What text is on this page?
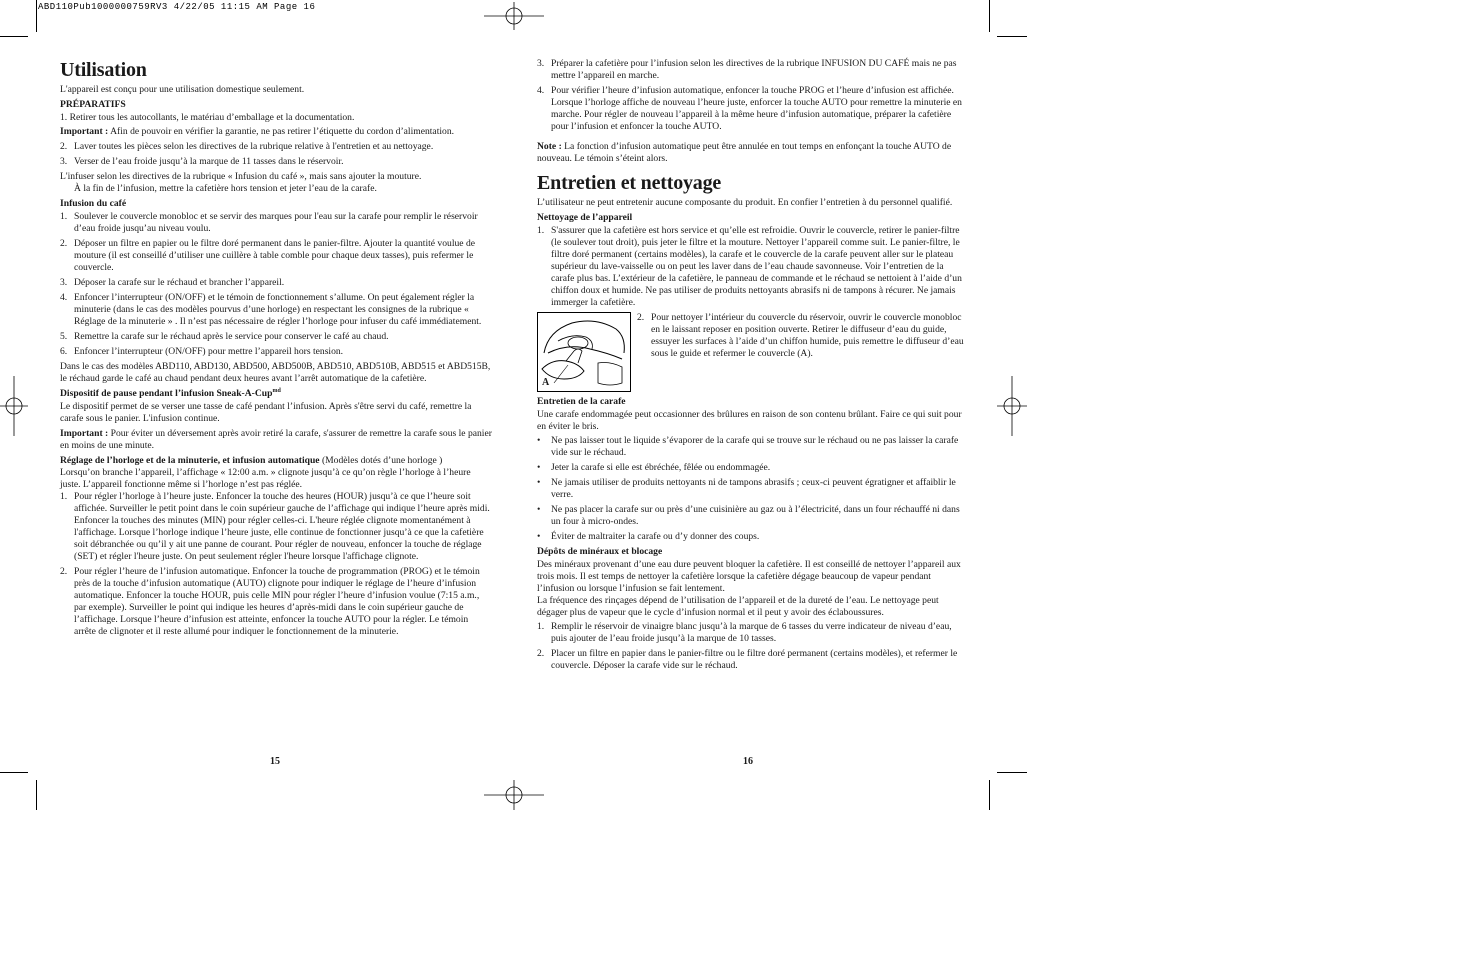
ABD110Pub1000000759RV3 4/22/05 11:15 AM Page 16
Utilisation

L'appareil est conçu pour une utilisation domestique seulement.

PRÉPARATIFS

1. Retirer tous les autocollants, le matériau d’emballage et la documentation.

Important : Afin de pouvoir en vérifier la garantie, ne pas retirer l’étiquette du cordon d’alimentation.

2. Laver toutes les pièces selon les directives de la rubrique relative à l'entretien et au nettoyage.
3. Verser de l’eau froide jusqu’à la marque de 11 tasses dans le réservoir.

L'infuser selon les directives de la rubrique « Infusion du café », mais sans ajouter la mouture.
À la fin de l’infusion, mettre la cafetière hors tension et jeter l’eau de la carafe.

Infusion du café
1. Soulever le couvercle monobloc et se servir des marques pour l'eau sur la carafe pour remplir le réservoir d’eau froide jusqu’au niveau voulu.
2. Déposer un filtre en papier ou le filtre doré permanent dans le panier-filtre. Ajouter la quantité voulue de mouture (il est conseillé d’utiliser une cuillère à table comble pour chaque deux tasses), puis refermer le couvercle.
3. Déposer la carafe sur le réchaud et brancher l’appareil.
4. Enfoncer l’interrupteur (ON/OFF) et le témoin de fonctionnement s’allume. On peut également régler la minuterie (dans le cas des modèles pourvus d’une horloge) en respectant les consignes de la rubrique « Réglage de la minuterie » . Il n’est pas nécessaire de régler l’horloge pour infuser du café immédiatement.
5. Remettre la carafe sur le réchaud après le service pour conserver le café au chaud.
6. Enfoncer l’interrupteur (ON/OFF) pour mettre l’appareil hors tension.

Dans le cas des modèles ABD110, ABD130, ABD500, ABD500B, ABD510, ABD510B, ABD515 et ABD515B, le réchaud garde le café au chaud pendant deux heures avant l’arrêt automatique de la cafetière.

Dispositif de pause pendant l’infusion Sneak-A-Cup$^{md}$

Le dispositif permet de se verser une tasse de café pendant l’infusion. Après s'être servi du café, remettre la carafe sous le panier. L'infusion continue.

Important : Pour éviter un déversement après avoir retiré la carafe, s'assurer de remettre la carafe sous le panier en moins de une minute.

Réglage de l’horloge et de la minuterie, et infusion automatique (Modèles dotés d’une horloge )

Lorsqu’on branche l’appareil, l’affichage « 12:00 a.m. » clignote jusqu’à ce qu’on règle l’horloge à l’heure juste. L’appareil fonctionne même si l’horloge n’est pas réglée.

1. Pour régler l’horloge à l’heure juste. Enfoncer la touche des heures (HOUR) jusqu’à ce que l’heure soit affichée. Surveiller le petit point dans le coin supérieur gauche de l’affichage qui indique l’heure après midi. Enfoncer la touches des minutes (MIN) pour régler celles-ci. L'heure réglée clignote momentanément à l'affichage. Lorsque l’horloge indique l’heure juste, elle continue de fonctionner jusqu’à ce que la cafetière soit débranchée ou qu’il y ait une panne de courant. Pour régler de nouveau, enfoncer la touche de réglage (SET) et régler l'heure juste. On peut seulement régler l'heure lorsque l'affichage clignote.
2. Pour régler l’heure de l’infusion automatique. Enfoncer la touche de programmation (PROG) et le témoin près de la touche d’infusion automatique (AUTO) clignote pour indiquer le réglage de l’heure d’infusion automatique. Enfoncer la touche HOUR, puis celle MIN pour régler l’heure d’infusion voulue (7:15 a.m., par exemple). Surveiller le point qui indique les heures d’après-midi dans le coin supérieur gauche de l’affichage. Lorsque l’heure d’infusion est atteinte, enfoncer la touche AUTO pour la régler. Le témoin arrête de clignoter et il reste allumé pour indiquer le fonctionnement de la minuterie.
15
3. Préparer la cafetière pour l’infusion selon les directives de la rubrique INFUSION DU CAFÉ mais ne pas mettre l’appareil en marche.
4. Pour vérifier l’heure d’infusion automatique, enfoncer la touche PROG et l’heure d’infusion est affichée. Lorsque l’horloge affiche de nouveau l’heure juste, enforcer la touche AUTO pour remettre la minuterie en marche. Pour régler de nouveau l’appareil à la même heure d’infusion automatique, préparer la cafetière pour l’infusion et enfoncer la touche AUTO.

Note : La fonction d’infusion automatique peut être annulée en tout temps en enfonçant la touche AUTO de nouveau. Le témoin s’éteint alors.

Entretien et nettoyage

L’utilisateur ne peut entretenir aucune composante du produit. En confier l’entretien à du personnel qualifié.

Nettoyage de l’appareil
1. S'assurer que la cafetière est hors service et qu’elle est refroidie. Ouvrir le couvercle, retirer le panier-filtre (le soulever tout droit), puis jeter le filtre et la mouture. Nettoyer l’appareil comme suit. Le panier-filtre, le filtre doré permanent (certains modèles), la carafe et le couvercle de la carafe peuvent aller sur le plateau supérieur du lave-vaisselle ou on peut les laver dans de l’eau chaude savonneuse. Voir l’entretien de la carafe plus bas. L’extérieur de la cafetière, le panneau de commande et le réchaud se nettoient à l’aide d’un chiffon doux et humide. Ne pas utiliser de produits nettoyants abrasifs ni de tampons à récurer. Ne jamais immerger la cafetière.
A
2. Pour nettoyer l’intérieur du couvercle du réservoir, ouvrir le couvercle monobloc en le laissant reposer en position ouverte. Retirer le diffuseur d’eau du guide, essuyer les surfaces à l’aide d’un chiffon humide, puis remettre le diffuseur d’eau sous le guide et refermer le couvercle (A).
Entretien de la carafe

Une carafe endommagée peut occasionner des brûlures en raison de son contenu brûlant. Faire ce qui suit pour en éviter le bris.

• Ne pas laisser tout le liquide s’évaporer de la carafe qui se trouve sur le réchaud ou ne pas laisser la carafe vide sur le réchaud.
• Jeter la carafe si elle est ébréchée, fêlée ou endommagée.
• Ne jamais utiliser de produits nettoyants ni de tampons abrasifs ; ceux-ci peuvent égratigner et affaiblir le verre.
• Ne pas placer la carafe sur ou près d’une cuisinière au gaz ou à l’électricité, dans un four réchauffé ni dans un four à micro-ondes.
• Éviter de maltraiter la carafe ou d’y donner des coups.
Dépôts de minéraux et blocage

Des minéraux provenant d’une eau dure peuvent bloquer la cafetière. Il est conseillé de nettoyer l’appareil aux trois mois. Il est temps de nettoyer la cafetière lorsque la cafetière dégage beaucoup de vapeur pendant l’infusion ou lorsque l’infusion se fait lentement.
La fréquence des rinçages dépend de l’utilisation de l’appareil et de la dureté de l’eau. Le nettoyage peut dégager plus de vapeur que le cycle d’infusion normal et il peut y avoir des éclaboussures.

1. Remplir le réservoir de vinaigre blanc jusqu’à la marque de 6 tasses du verre indicateur de niveau d’eau, puis ajouter de l’eau froide jusqu’à la marque de 10 tasses.
2. Placer un filtre en papier dans le panier-filtre ou le filtre doré permanent (certains modèles), et refermer le couvercle. Déposer la carafe vide sur le réchaud.
16
